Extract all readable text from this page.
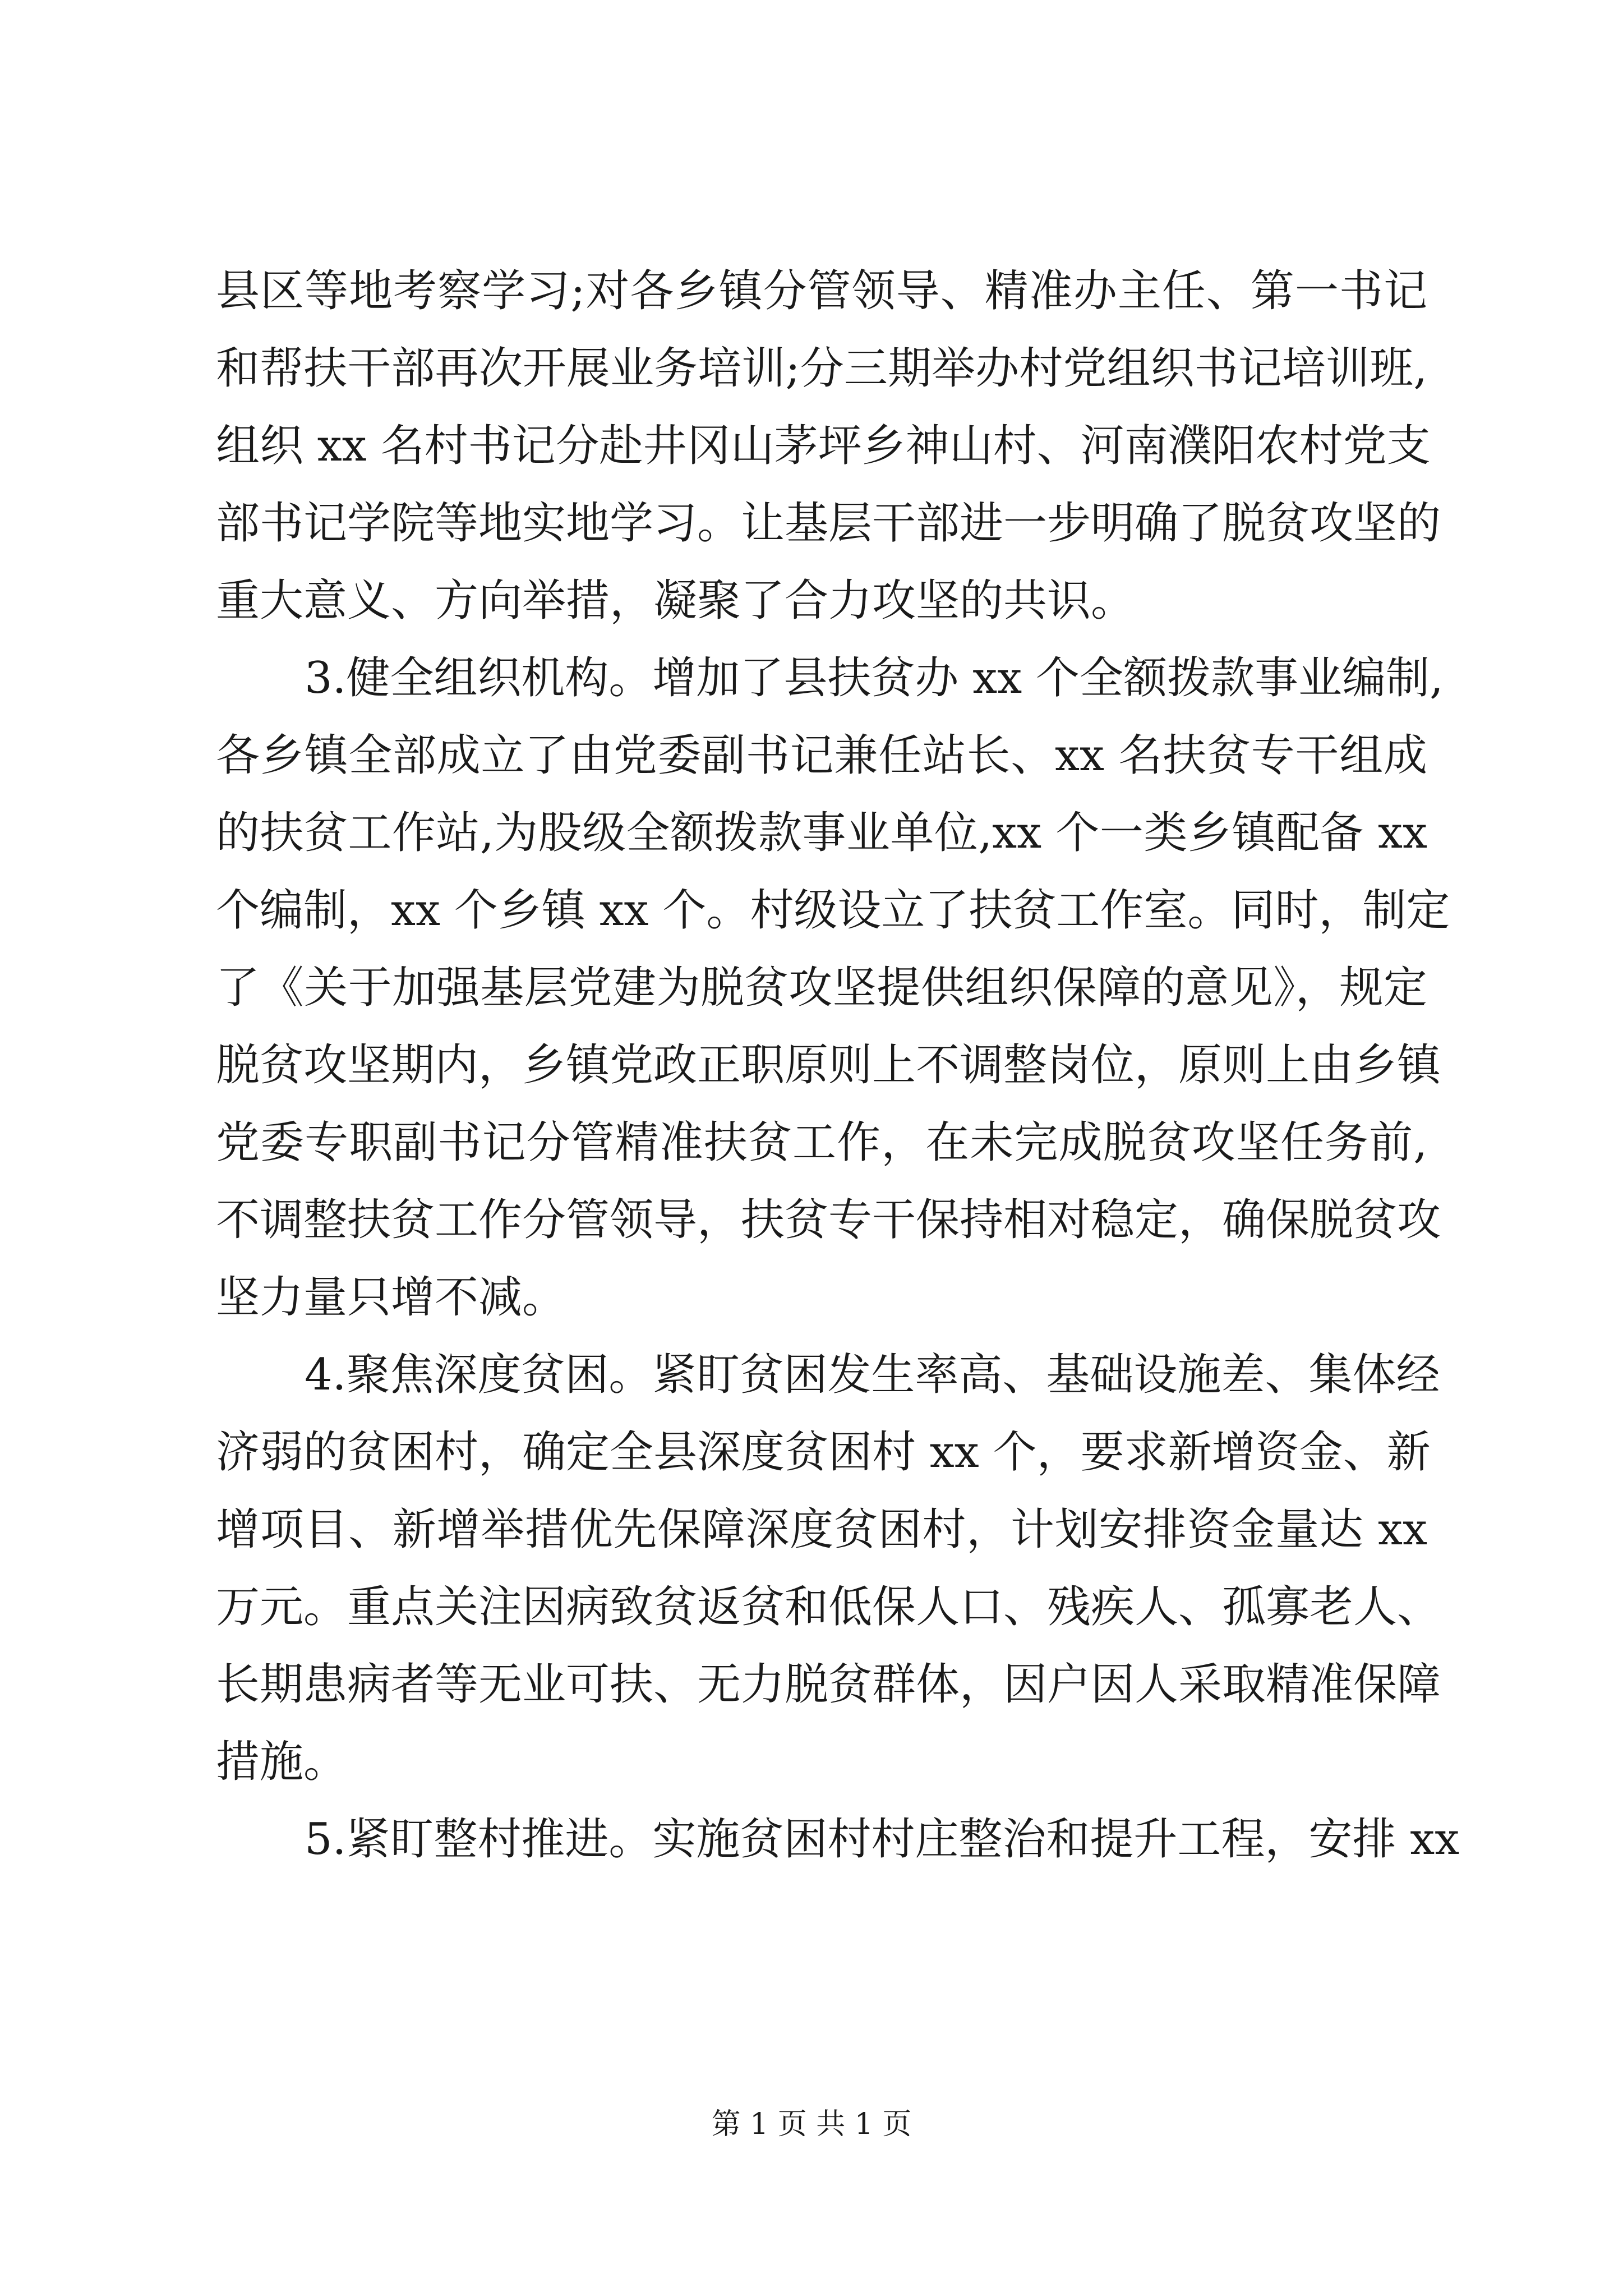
县区等地考察学习;对各乡镇分管领导、精准办主任、第一书记
和帮扶干部再次开展业务培训;分三期举办村党组织书记培训班,
组织 xx 名村书记分赴井冈山茅坪乡神山村、河南濮阳农村党支
部书记学院等地实地学习。让基层干部进一步明确了脱贫攻坚的
重大意义、方向举措，凝聚了合力攻坚的共识。
3.健全组织机构。增加了县扶贫办 xx 个全额拨款事业编制,
各乡镇全部成立了由党委副书记兼任站长、xx 名扶贫专干组成
的扶贫工作站,为股级全额拨款事业单位,xx 个一类乡镇配备 xx
个编制，xx 个乡镇 xx 个。村级设立了扶贫工作室。同时，制定
了《关于加强基层党建为脱贫攻坚提供组织保障的意见》，规定
脱贫攻坚期内，乡镇党政正职原则上不调整岗位，原则上由乡镇
党委专职副书记分管精准扶贫工作，在未完成脱贫攻坚任务前,
不调整扶贫工作分管领导，扶贫专干保持相对稳定，确保脱贫攻
坚力量只增不减。
4.聚焦深度贫困。紧盯贫困发生率高、基础设施差、集体经
济弱的贫困村，确定全县深度贫困村 xx 个，要求新增资金、新
增项目、新增举措优先保障深度贫困村，计划安排资金量达 xx
万元。重点关注因病致贫返贫和低保人口、残疾人、孤寡老人、
长期患病者等无业可扶、无力脱贫群体，因户因人采取精准保障
措施。
5.紧盯整村推进。实施贫困村村庄整治和提升工程，安排 xx
第 1 页 共 1 页
